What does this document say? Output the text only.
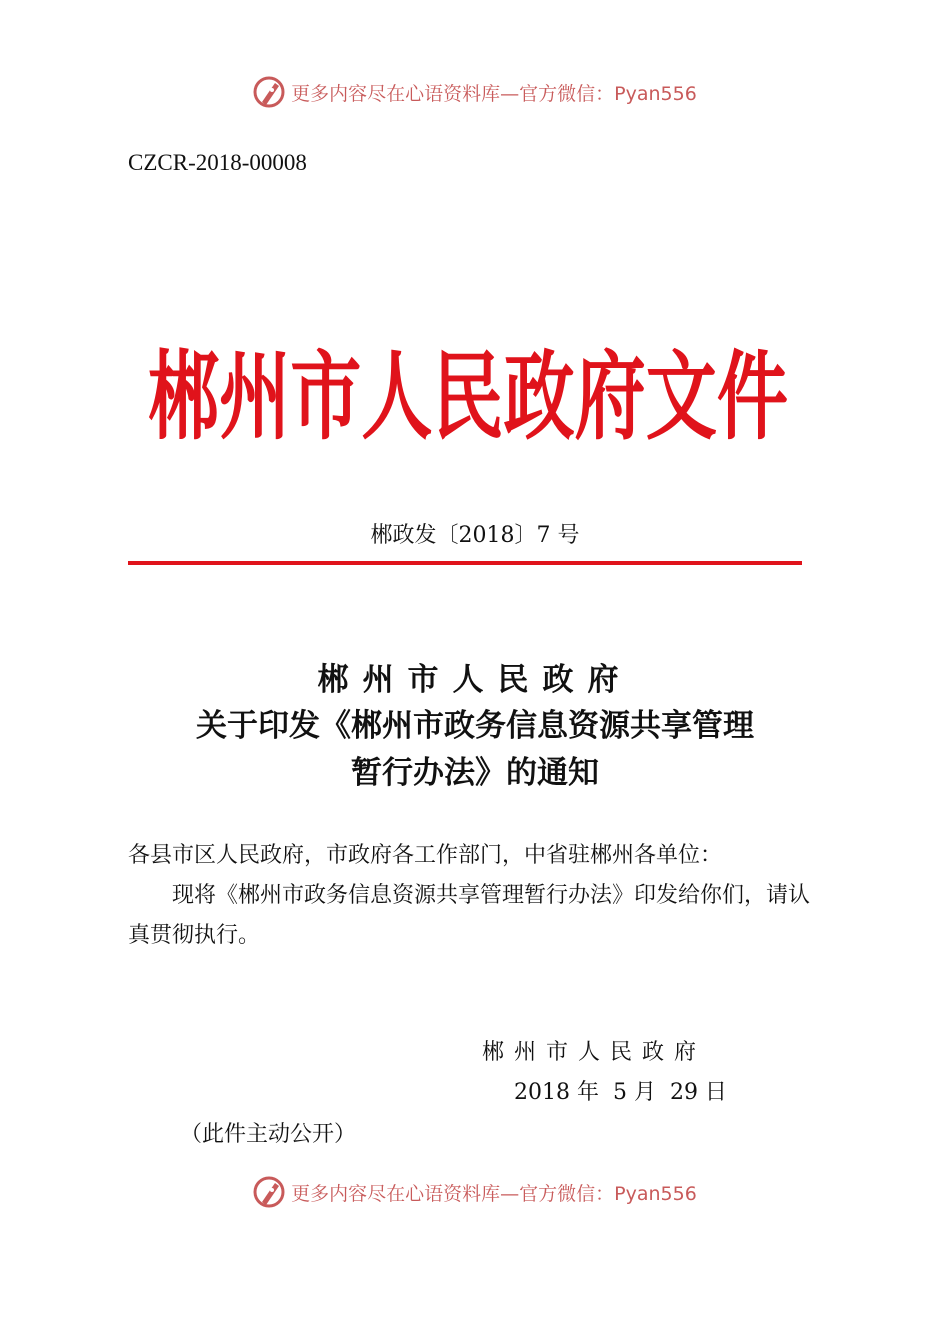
更多内容尽在心语资料库—官方微信：Pyan556
CZCR-2018-00008
郴州市人民政府文件
郴政发〔2018〕7 号
郴州市人民政府
关于印发《郴州市政务信息资源共享管理
暂行办法》的通知
各县市区人民政府，市政府各工作部门，中省驻郴州各单位：
现将《郴州市政务信息资源共享管理暂行办法》印发给你们，请认真贯彻执行。
郴州市人民政府
2018 年  5 月  29 日
（此件主动公开）
更多内容尽在心语资料库—官方微信：Pyan556
